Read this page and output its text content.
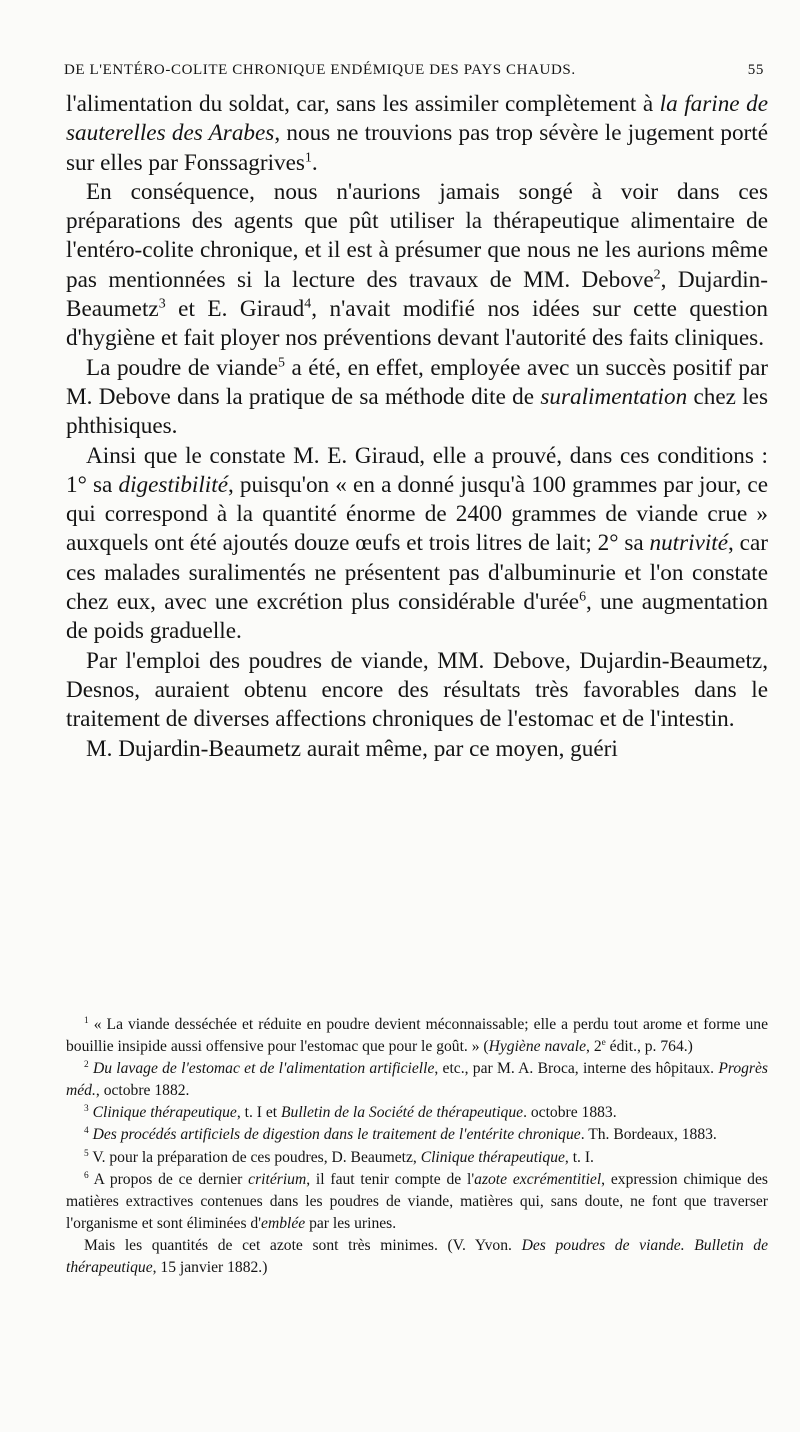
DE L'ENTÉRO-COLITE CHRONIQUE ENDÉMIQUE DES PAYS CHAUDS.	55

l'alimentation du soldat, car, sans les assimiler complètement à la farine de sauterelles des Arabes, nous ne trouvions pas trop sévère le jugement porté sur elles par Fonssagrives$^1$.

En conséquence, nous n'aurions jamais songé à voir dans ces préparations des agents que pût utiliser la thérapeutique alimentaire de l'entéro-colite chronique, et il est à présumer que nous ne les aurions même pas mentionnées si la lecture des travaux de MM. Debove$^2$, Dujardin-Beaumetz$^3$ et E. Giraud$^4$, n'avait modifié nos idées sur cette question d'hygiène et fait ployer nos préventions devant l'autorité des faits cliniques.

La poudre de viande$^5$ a été, en effet, employée avec un succès positif par M. Debove dans la pratique de sa méthode dite de suralimentation chez les phthisiques.

Ainsi que le constate M. E. Giraud, elle a prouvé, dans ces conditions : 1° sa digestibilité, puisqu'on « en a donné jusqu'à 100 grammes par jour, ce qui correspond à la quantité énorme de 2400 grammes de viande crue » auxquels ont été ajoutés douze œufs et trois litres de lait; 2° sa nutrivité, car ces malades suralimentés ne présentent pas d'albuminurie et l'on constate chez eux, avec une excrétion plus considérable d'urée$^6$, une augmentation de poids graduelle.

Par l'emploi des poudres de viande, MM. Debove, Dujardin-Beaumetz, Desnos, auraient obtenu encore des résultats très favorables dans le traitement de diverses affections chroniques de l'estomac et de l'intestin.

M. Dujardin-Beaumetz aurait même, par ce moyen, guéri

$^1$ « La viande desséchée et réduite en poudre devient méconnaissable; elle a perdu tout arome et forme une bouillie insipide aussi offensive pour l'estomac que pour le goût. » (Hygiène navale, 2e édit., p. 764.)

$^2$ Du lavage de l'estomac et de l'alimentation artificielle, etc., par M. A. Broca, interne des hôpitaux. Progrès méd., octobre 1882.

$^3$ Clinique thérapeutique, t. I et Bulletin de la Société de thérapeutique. octobre 1883.

$^4$ Des procédés artificiels de digestion dans le traitement de l'entérite chronique. Th. Bordeaux, 1883.

$^5$ V. pour la préparation de ces poudres, D. Beaumetz, Clinique thérapeutique, t. I.

$^6$ A propos de ce dernier critérium, il faut tenir compte de l'azote excrémentitiel, expression chimique des matières extractives contenues dans les poudres de viande, matières qui, sans doute, ne font que traverser l'organisme et sont éliminées d'emblée par les urines.

Mais les quantités de cet azote sont très minimes. (V. Yvon. Des poudres de viande. Bulletin de thérapeutique, 15 janvier 1882.)
